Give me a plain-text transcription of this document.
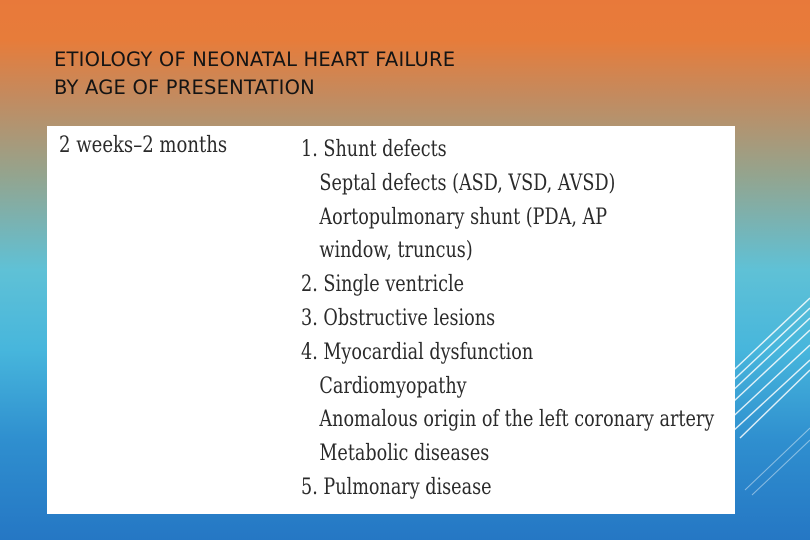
ETIOLOGY OF NEONATAL HEART FAILURE
BY AGE OF PRESENTATION
2 weeks–2 months	1. Shunt defects
Septal defects (ASD, VSD, AVSD)
Aortopulmonary shunt (PDA, AP
window, truncus)
2. Single ventricle
3. Obstructive lesions
4. Myocardial dysfunction
Cardiomyopathy
Anomalous origin of the left coronary artery
Metabolic diseases
5. Pulmonary disease
